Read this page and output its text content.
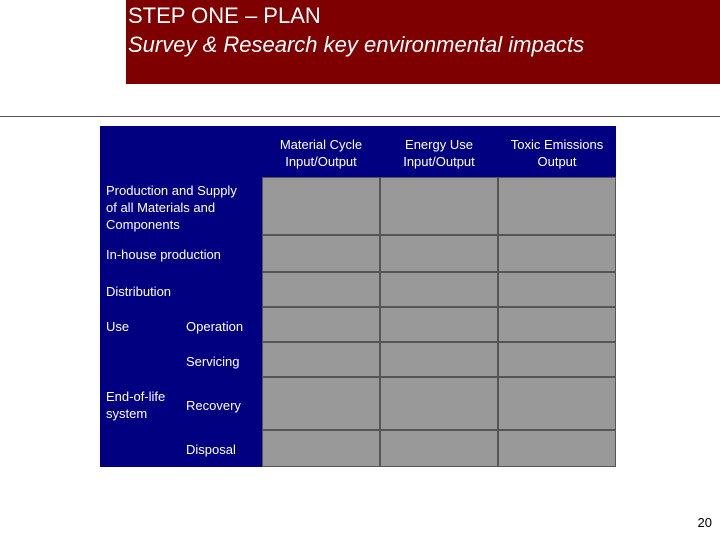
STEP ONE – PLAN
Survey & Research key environmental impacts
Material Cycle
Input/Output
Energy Use
Input/Output
Toxic Emissions
Output
Production and Supply
of all Materials and
Components
In-house production
Distribution
Use	Operation
Servicing
End-of-life
system
Recovery
Disposal
20
